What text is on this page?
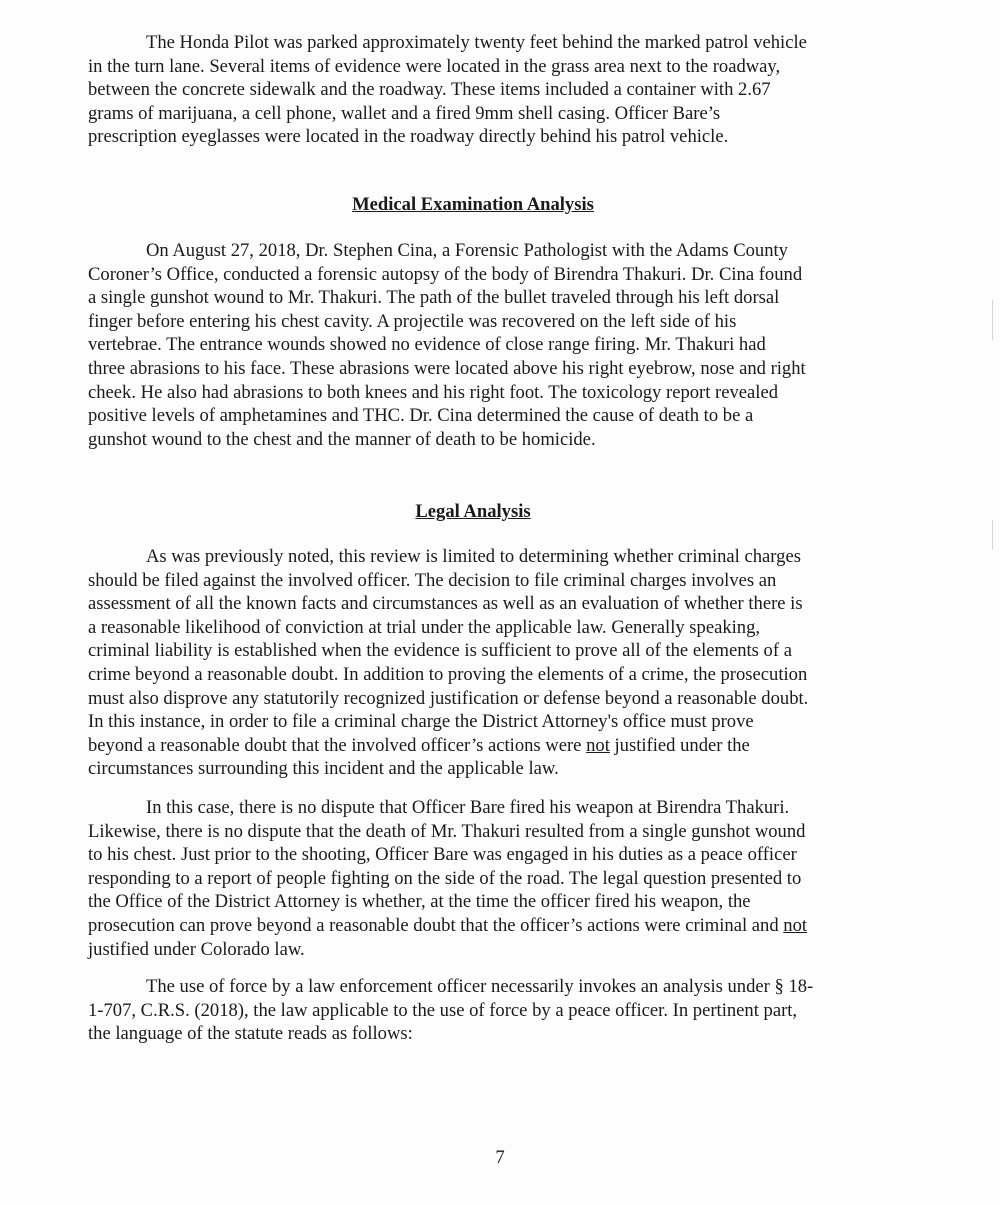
The Honda Pilot was parked approximately twenty feet behind the marked patrol vehicle
in the turn lane. Several items of evidence were located in the grass area next to the roadway,
between the concrete sidewalk and the roadway. These items included a container with 2.67
grams of marijuana, a cell phone, wallet and a fired 9mm shell casing. Officer Bare’s
prescription eyeglasses were located in the roadway directly behind his patrol vehicle.
Medical Examination Analysis
On August 27, 2018, Dr. Stephen Cina, a Forensic Pathologist with the Adams County
Coroner’s Office, conducted a forensic autopsy of the body of Birendra Thakuri. Dr. Cina found
a single gunshot wound to Mr. Thakuri. The path of the bullet traveled through his left dorsal
finger before entering his chest cavity. A projectile was recovered on the left side of his
vertebrae. The entrance wounds showed no evidence of close range firing. Mr. Thakuri had
three abrasions to his face. These abrasions were located above his right eyebrow, nose and right
cheek. He also had abrasions to both knees and his right foot. The toxicology report revealed
positive levels of amphetamines and THC. Dr. Cina determined the cause of death to be a
gunshot wound to the chest and the manner of death to be homicide.
Legal Analysis
As was previously noted, this review is limited to determining whether criminal charges
should be filed against the involved officer. The decision to file criminal charges involves an
assessment of all the known facts and circumstances as well as an evaluation of whether there is
a reasonable likelihood of conviction at trial under the applicable law. Generally speaking,
criminal liability is established when the evidence is sufficient to prove all of the elements of a
crime beyond a reasonable doubt. In addition to proving the elements of a crime, the prosecution
must also disprove any statutorily recognized justification or defense beyond a reasonable doubt.
In this instance, in order to file a criminal charge the District Attorney's office must prove
beyond a reasonable doubt that the involved officer’s actions were not justified under the
circumstances surrounding this incident and the applicable law.
In this case, there is no dispute that Officer Bare fired his weapon at Birendra Thakuri.
Likewise, there is no dispute that the death of Mr. Thakuri resulted from a single gunshot wound
to his chest. Just prior to the shooting, Officer Bare was engaged in his duties as a peace officer
responding to a report of people fighting on the side of the road. The legal question presented to
the Office of the District Attorney is whether, at the time the officer fired his weapon, the
prosecution can prove beyond a reasonable doubt that the officer’s actions were criminal and not
justified under Colorado law.
The use of force by a law enforcement officer necessarily invokes an analysis under § 18-
1-707, C.R.S. (2018), the law applicable to the use of force by a peace officer. In pertinent part,
the language of the statute reads as follows:
7
